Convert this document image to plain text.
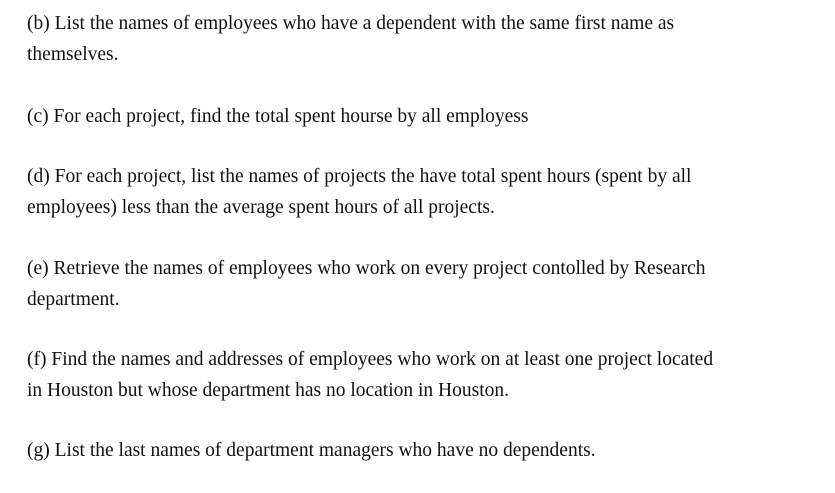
(b) List the names of employees who have a dependent with the same first name as
themselves.

(c) For each project, find the total spent hourse by all employess

(d) For each project, list the names of projects the have total spent hours (spent by all
employees) less than the average spent hours of all projects.

(e) Retrieve the names of employees who work on every project contolled by Research
department.

(f) Find the names and addresses of employees who work on at least one project located
in Houston but whose department has no location in Houston.

(g) List the last names of department managers who have no dependents.
